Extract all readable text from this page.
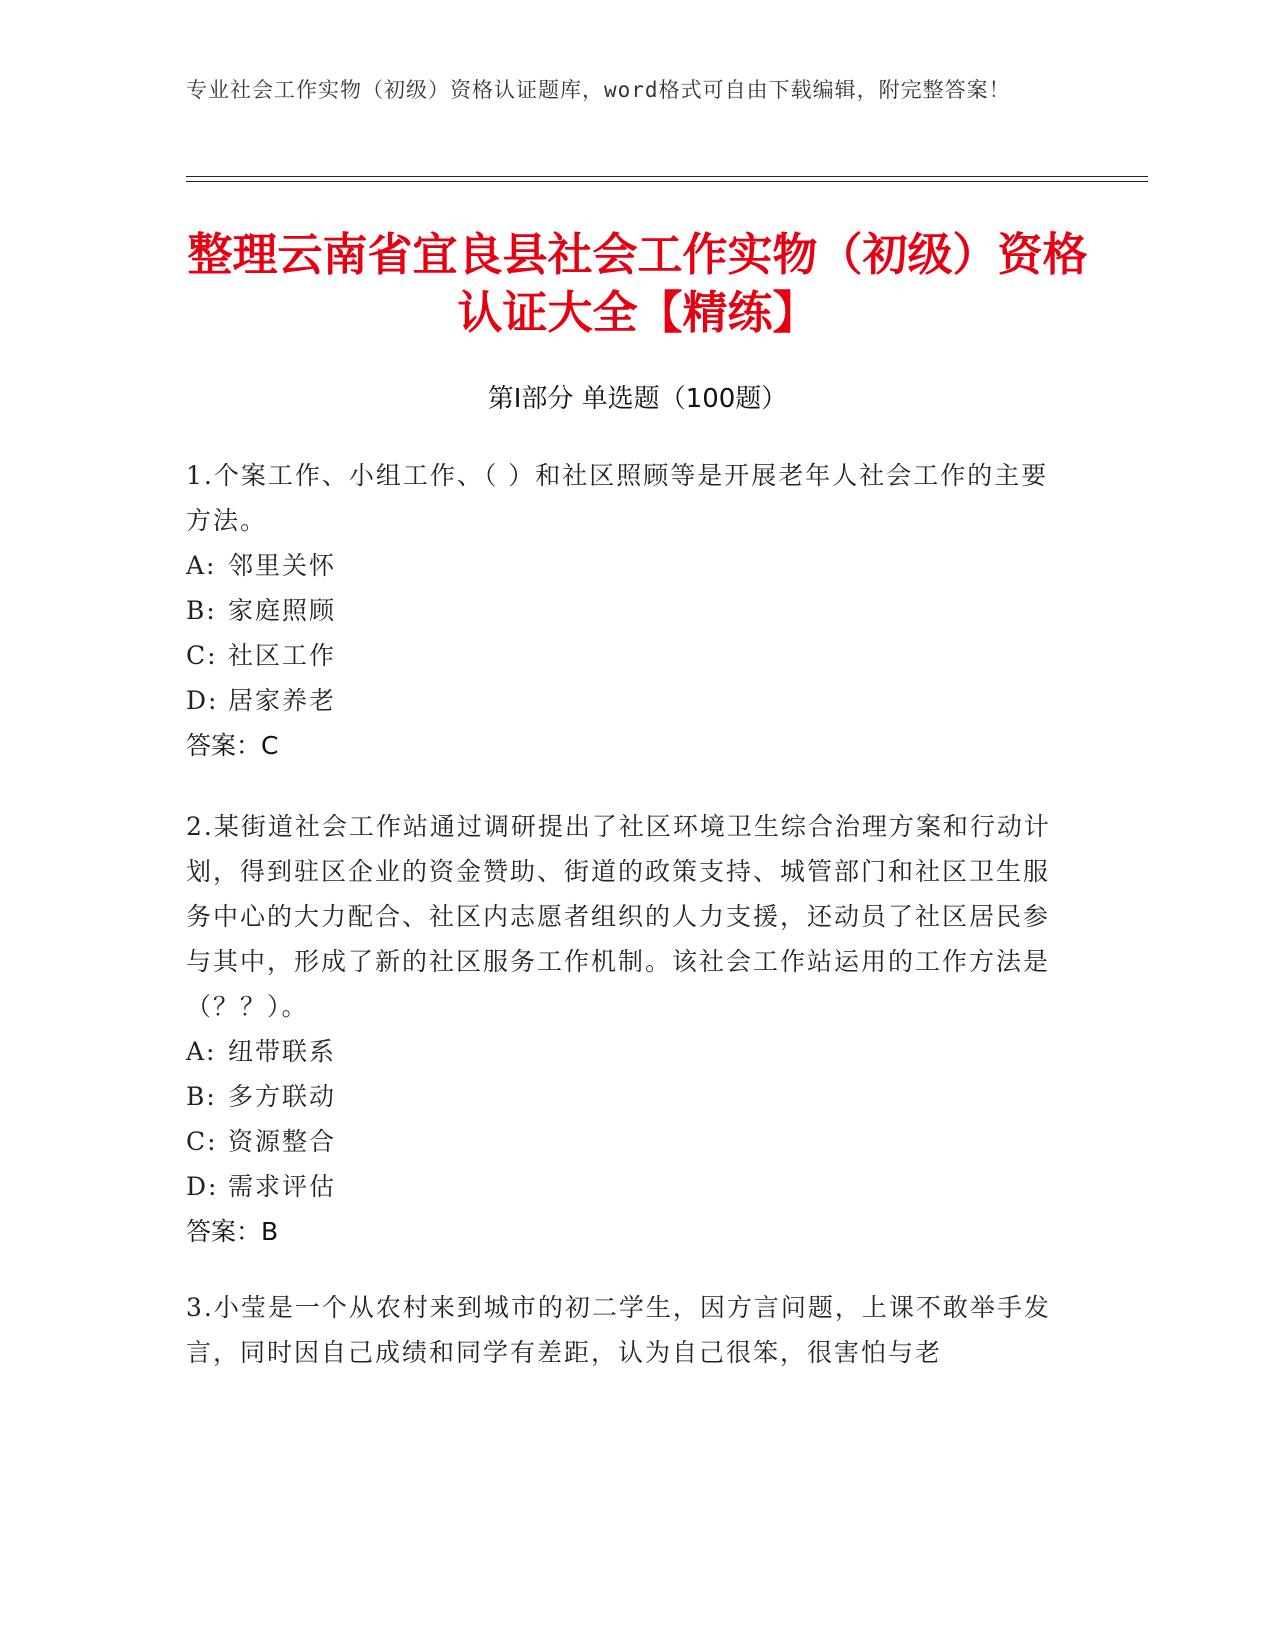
专业社会工作实物（初级）资格认证题库，word格式可自由下载编辑，附完整答案！
整理云南省宜良县社会工作实物（初级）资格认证大全【精练】
第Ⅰ部分 单选题（100题）

1.个案工作、小组工作、（ ）和社区照顾等是开展老年人社会工作的主要方法。

A: 邻里关怀

B: 家庭照顾

C: 社区工作

D: 居家养老

答案：C

2.某街道社会工作站通过调研提出了社区环境卫生综合治理方案和行动计划，得到驻区企业的资金赞助、街道的政策支持、城管部门和社区卫生服务中心的大力配合、社区内志愿者组织的人力支援，还动员了社区居民参与其中，形成了新的社区服务工作机制。该社会工作站运用的工作方法是（？？）。

A: 纽带联系

B: 多方联动

C: 资源整合

D: 需求评估

答案：B

3.小莹是一个从农村来到城市的初二学生，因方言问题，上课不敢举手发言，同时因自己成绩和同学有差距，认为自己很笨，很害怕与老
